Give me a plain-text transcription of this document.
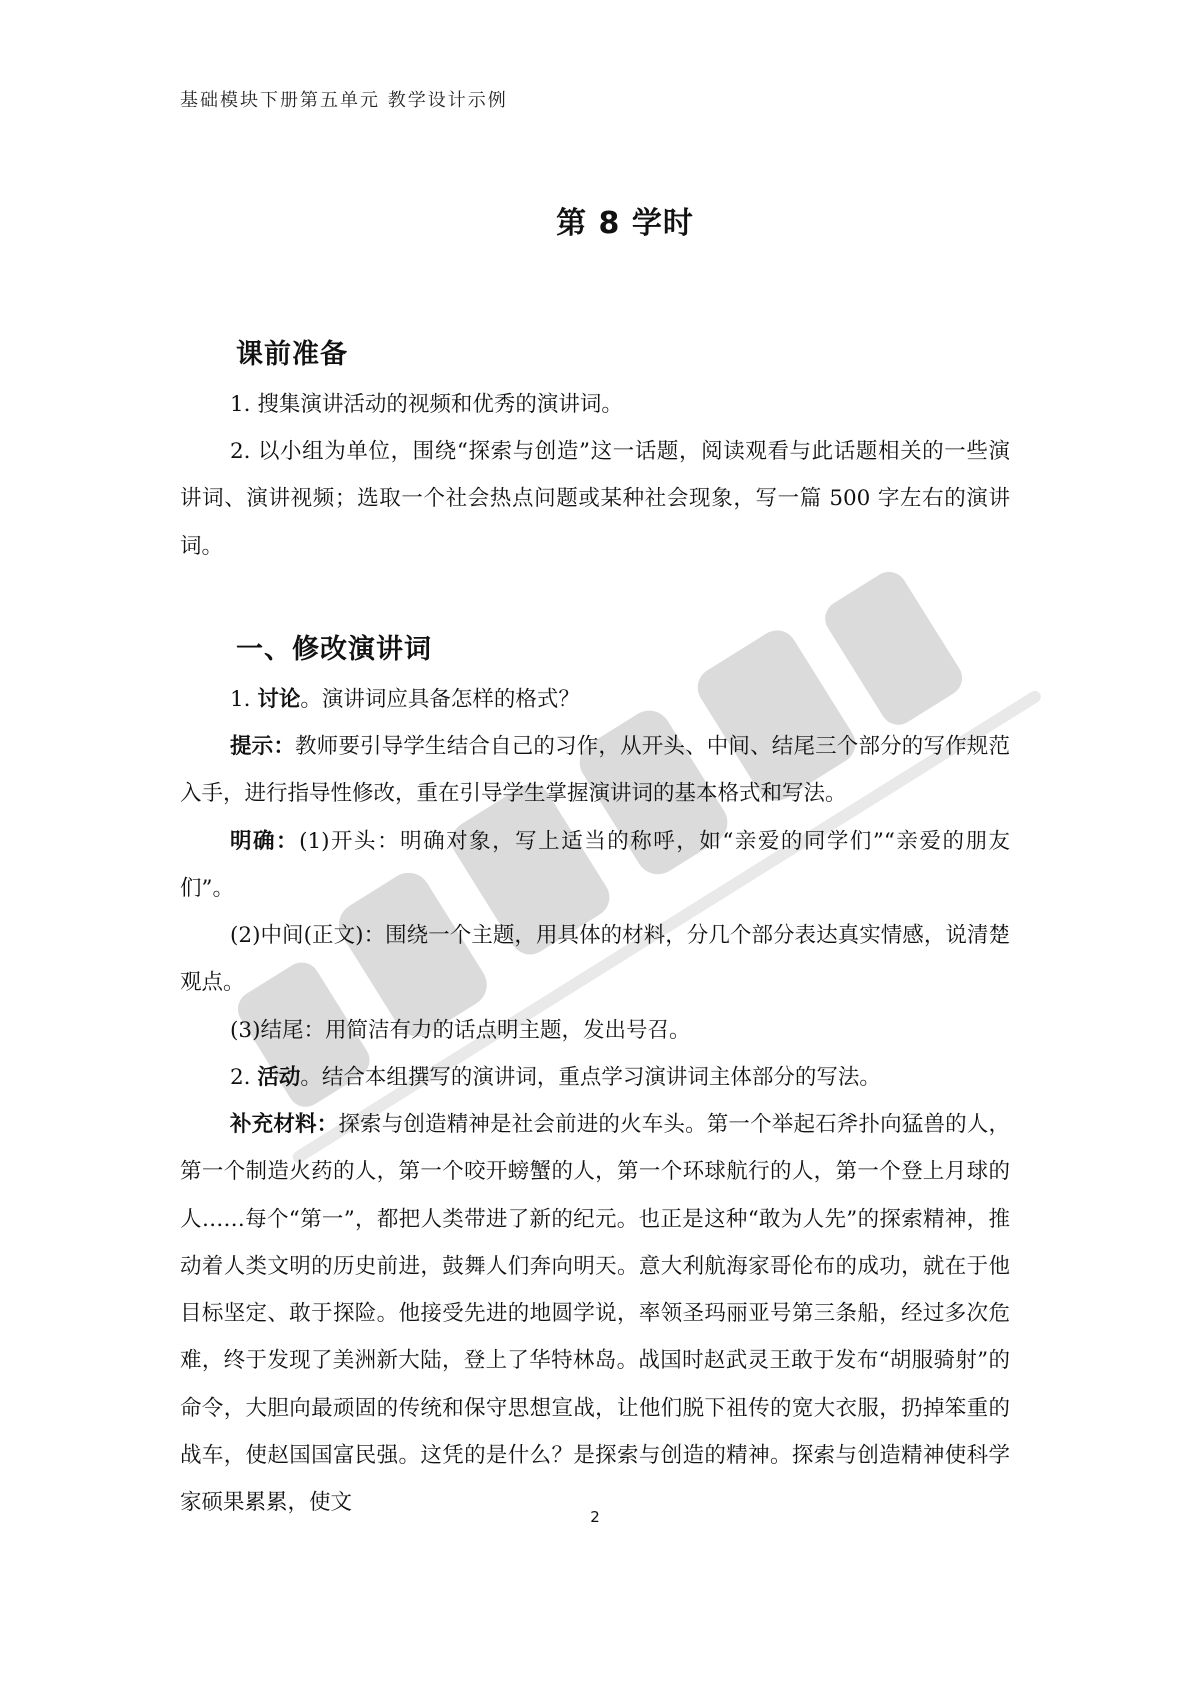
基础模块下册第五单元 教学设计示例
第 8 学时
课前准备

1. 搜集演讲活动的视频和优秀的演讲词。

2. 以小组为单位，围绕“探索与创造”这一话题，阅读观看与此话题相关的一些演讲词、演讲视频；选取一个社会热点问题或某种社会现象，写一篇 500 字左右的演讲词。

一、修改演讲词

1. 讨论。演讲词应具备怎样的格式？

提示：教师要引导学生结合自己的习作，从开头、中间、结尾三个部分的写作规范入手，进行指导性修改，重在引导学生掌握演讲词的基本格式和写法。

明确：(1)开头：明确对象，写上适当的称呼，如“亲爱的同学们”“亲爱的朋友们”。

(2)中间(正文)：围绕一个主题，用具体的材料，分几个部分表达真实情感，说清楚观点。

(3)结尾：用简洁有力的话点明主题，发出号召。

2. 活动。结合本组撰写的演讲词，重点学习演讲词主体部分的写法。

补充材料：探索与创造精神是社会前进的火车头。第一个举起石斧扑向猛兽的人，第一个制造火药的人，第一个咬开螃蟹的人，第一个环球航行的人，第一个登上月球的人……每个“第一”，都把人类带进了新的纪元。也正是这种“敢为人先”的探索精神，推动着人类文明的历史前进，鼓舞人们奔向明天。意大利航海家哥伦布的成功，就在于他目标坚定、敢于探险。他接受先进的地圆学说，率领圣玛丽亚号第三条船，经过多次危难，终于发现了美洲新大陆，登上了华特林岛。战国时赵武灵王敢于发布“胡服骑射”的命令，大胆向最顽固的传统和保守思想宣战，让他们脱下祖传的宽大衣服，扔掉笨重的战车，使赵国国富民强。这凭的是什么？是探索与创造的精神。探索与创造精神使科学家硕果累累，使文

2
